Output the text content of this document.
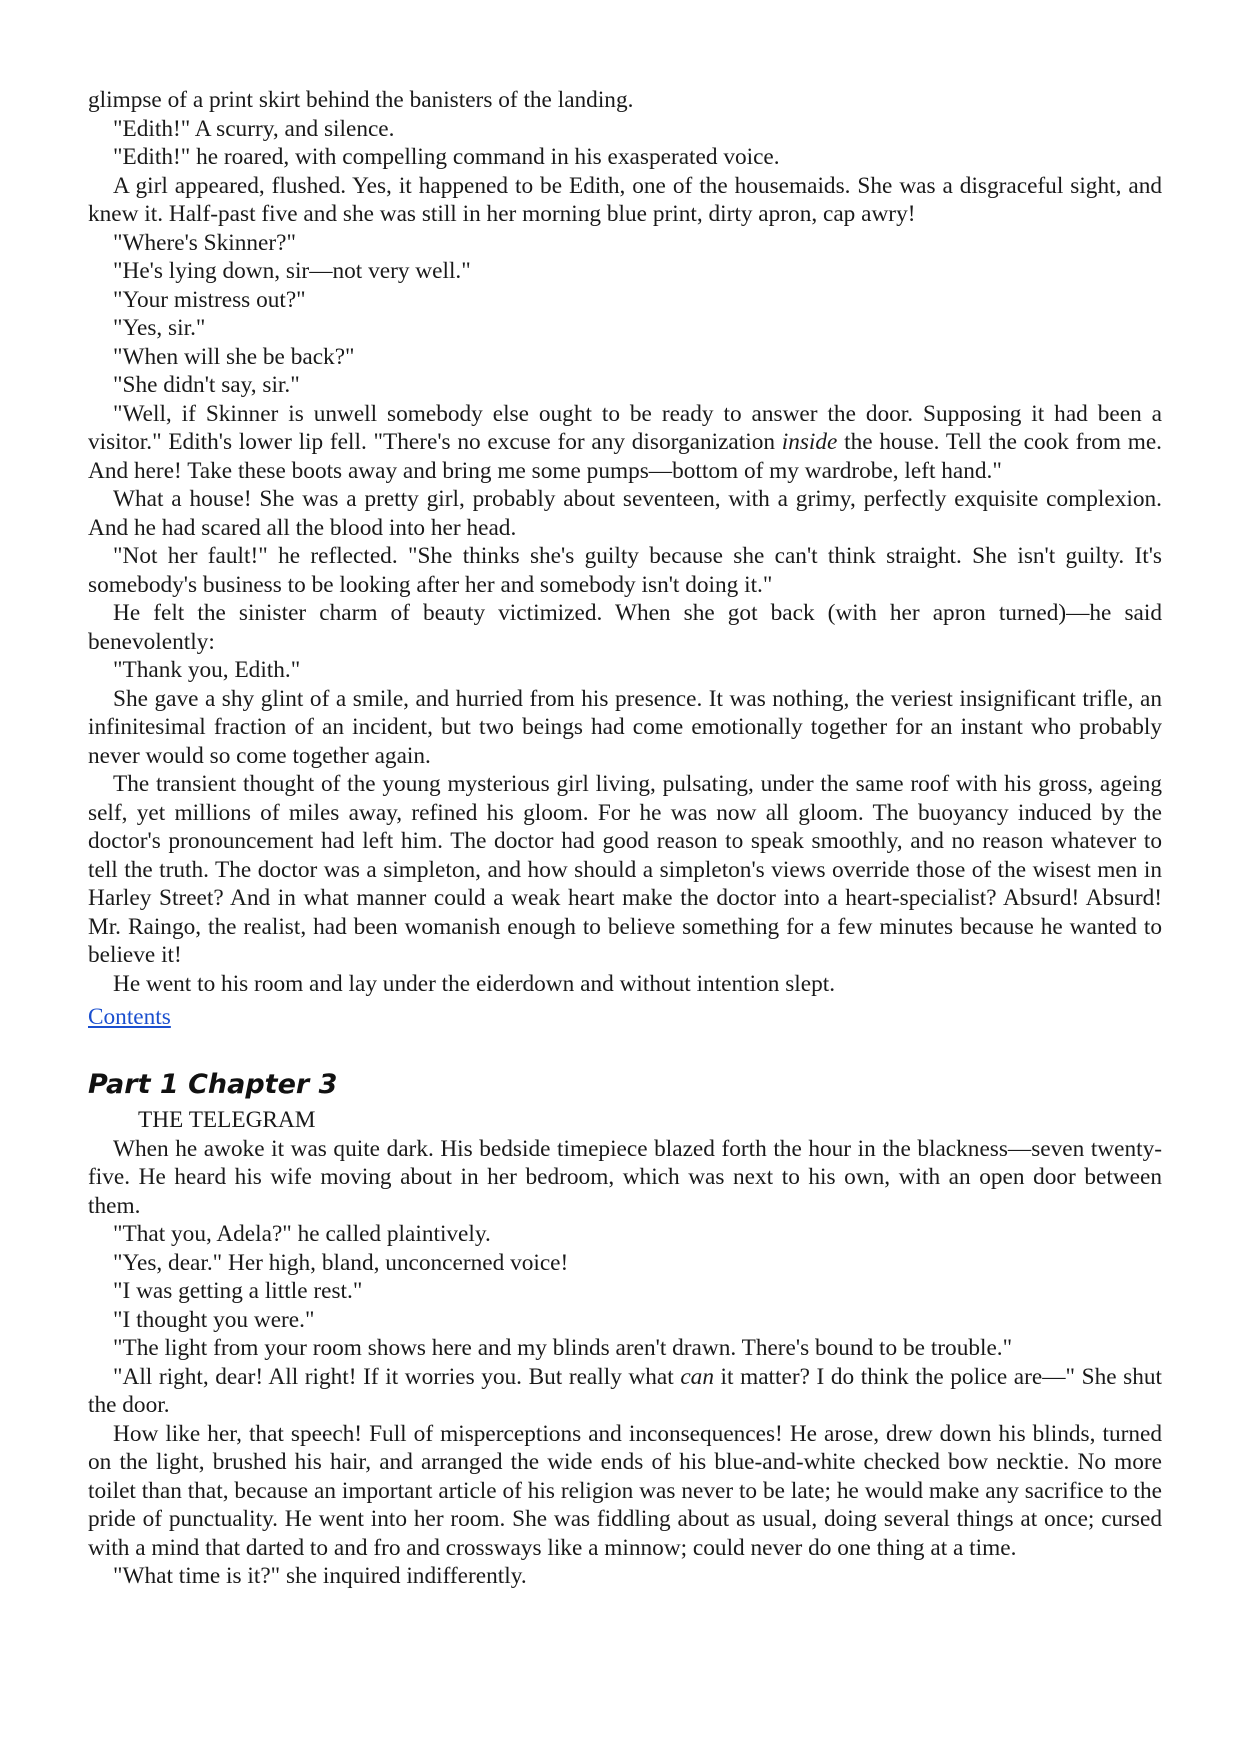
glimpse of a print skirt behind the banisters of the landing.

"Edith!" A scurry, and silence.

"Edith!" he roared, with compelling command in his exasperated voice.

A girl appeared, flushed. Yes, it happened to be Edith, one of the housemaids. She was a disgraceful sight, and knew it. Half-past five and she was still in her morning blue print, dirty apron, cap awry!

"Where's Skinner?"

"He's lying down, sir—not very well."

"Your mistress out?"

"Yes, sir."

"When will she be back?"

"She didn't say, sir."

"Well, if Skinner is unwell somebody else ought to be ready to answer the door. Supposing it had been a visitor." Edith's lower lip fell. "There's no excuse for any disorganization inside the house. Tell the cook from me. And here! Take these boots away and bring me some pumps—bottom of my wardrobe, left hand."

What a house! She was a pretty girl, probably about seventeen, with a grimy, perfectly exquisite complexion. And he had scared all the blood into her head.

"Not her fault!" he reflected. "She thinks she's guilty because she can't think straight. She isn't guilty. It's somebody's business to be looking after her and somebody isn't doing it."

He felt the sinister charm of beauty victimized. When she got back (with her apron turned)—he said benevolently:

"Thank you, Edith."

She gave a shy glint of a smile, and hurried from his presence. It was nothing, the veriest insignificant trifle, an infinitesimal fraction of an incident, but two beings had come emotionally together for an instant who probably never would so come together again.

The transient thought of the young mysterious girl living, pulsating, under the same roof with his gross, ageing self, yet millions of miles away, refined his gloom. For he was now all gloom. The buoyancy induced by the doctor's pronouncement had left him. The doctor had good reason to speak smoothly, and no reason whatever to tell the truth. The doctor was a simpleton, and how should a simpleton's views override those of the wisest men in Harley Street? And in what manner could a weak heart make the doctor into a heart-specialist? Absurd! Absurd! Mr. Raingo, the realist, had been womanish enough to believe something for a few minutes because he wanted to believe it!

He went to his room and lay under the eiderdown and without intention slept.

Contents
Part 1 Chapter 3

THE TELEGRAM

When he awoke it was quite dark. His bedside timepiece blazed forth the hour in the blackness—seven twenty-five. He heard his wife moving about in her bedroom, which was next to his own, with an open door between them.

"That you, Adela?" he called plaintively.

"Yes, dear." Her high, bland, unconcerned voice!

"I was getting a little rest."

"I thought you were."

"The light from your room shows here and my blinds aren't drawn. There's bound to be trouble."

"All right, dear! All right! If it worries you. But really what can it matter? I do think the police are—" She shut the door.

How like her, that speech! Full of misperceptions and inconsequences! He arose, drew down his blinds, turned on the light, brushed his hair, and arranged the wide ends of his blue-and-white checked bow necktie. No more toilet than that, because an important article of his religion was never to be late; he would make any sacrifice to the pride of punctuality. He went into her room. She was fiddling about as usual, doing several things at once; cursed with a mind that darted to and fro and crossways like a minnow; could never do one thing at a time.

"What time is it?" she inquired indifferently.
